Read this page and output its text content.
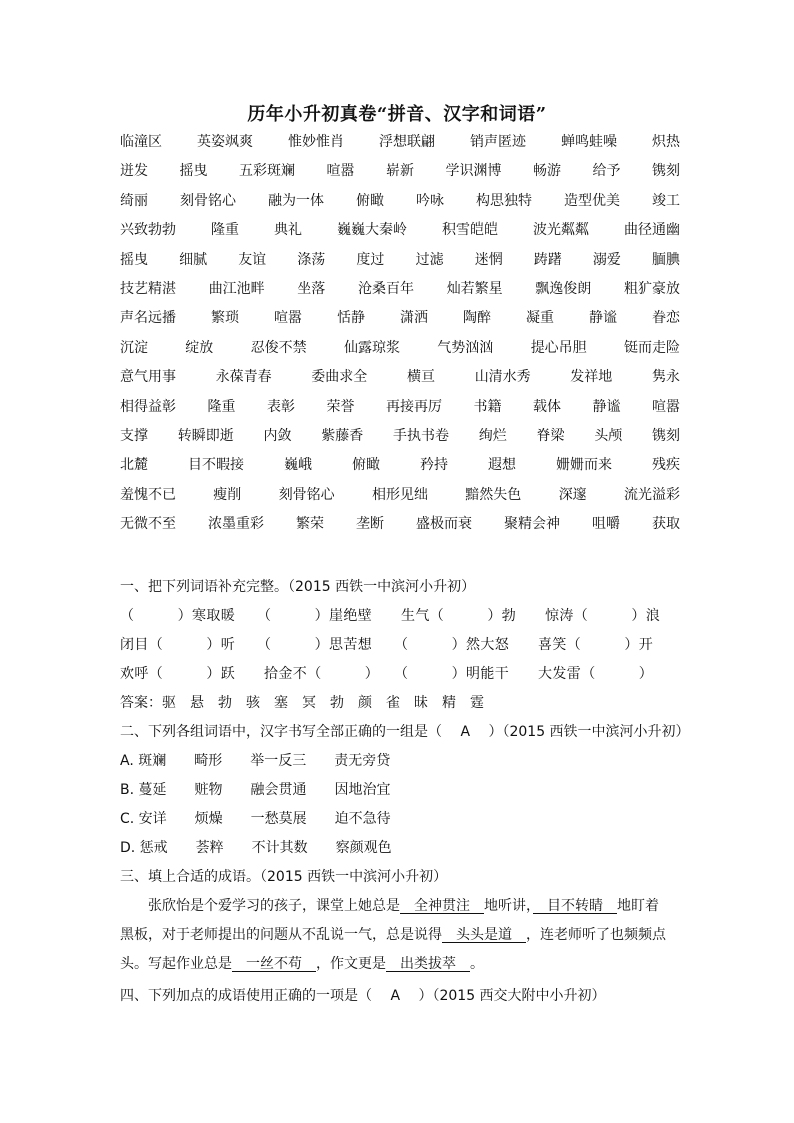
历年小升初真卷“拼音、汉字和词语”
临潼区	英姿飒爽	惟妙惟肖	浮想联翩	销声匿迹	蝉鸣蛙噪	炽热
迸发 摇曳 五彩斑斓 喧嚣 崭新 学识渊博 畅游 给予 镌刻
绮丽 刻骨铭心 融为一体 俯瞰 吟咏 构思独特 造型优美 竣工
兴致勃勃	隆重	典礼	巍巍大秦岭	积雪皑皑	波光粼粼	曲径通幽
摇曳 细腻 友谊 涤荡 度过 过滤 迷惘 踌躇 溺爱 腼腆
技艺精湛 曲江池畔 坐落 沧桑百年 灿若繁星 飘逸俊朗 粗犷豪放
声名远播	繁琐	喧嚣	恬静	潇洒	陶醉	凝重	静谧	眷恋
沉淀	绽放	忍俊不禁	仙露琼浆	气势汹汹	提心吊胆	铤而走险
意气用事	永葆青春	委曲求全	横亘	山清水秀	发祥地	隽永
相得益彰 隆重 表彰 荣誉 再接再厉 书籍 载体 静谧 喧嚣
支撑 转瞬即逝 内敛 紫藤香 手执书卷 绚烂 脊梁 头颅 镌刻
北麓	目不暇接	巍峨	俯瞰	矜持	遐想	姗姗而来	残疾
羞愧不已	瘦削	刻骨铭心	相形见绌	黯然失色	深邃	流光溢彩
无微不至 浓墨重彩 繁荣 垄断 盛极而衰 聚精会神 咀嚼 获取
一、把下列词语补充完整。（2015 西铁一中滨河小升初）
（　　　）寒取暖　　（　　　）崖绝壁　　生气（　　　）勃　　惊涛（　　　）浪
闭目（　　　）听　　（　　　）思苦想　　（　　　）然大怒　　喜笑（　　　）开
欢呼（　　　）跃　　拾金不（　　　）　　（　　　）明能干　　大发雷（　　　）
答案：驱　悬　勃　骇　塞　冥　勃　颜　雀　昧　精　霆
二、下列各组词语中，汉字书写全部正确的一组是（　 A　 ）（2015 西铁一中滨河小升初）
A. 斑斓　　畸形　　举一反三　　责无旁贷
B. 蔓延　　赃物　　融会贯通　　因地治宜
C. 安详　　烦燥　　一愁莫展　　迫不急待
D. 惩戒　　荟粹　　不计其数　　察颜观色
三、填上合适的成语。（2015 西铁一中滨河小升初）
张欣怡是个爱学习的孩子，课堂上她总是　 全神贯注　 地听讲，　 目不转睛　 地盯着
黑板，对于老师提出的问题从不乱说一气，总是说得　 头头是道　 ，连老师听了也频频点
头。写起作业总是　 一丝不苟　 ，作文更是　 出类拔萃　 。
四、下列加点的成语使用正确的一项是（　 A　 ）（2015 西交大附中小升初）
